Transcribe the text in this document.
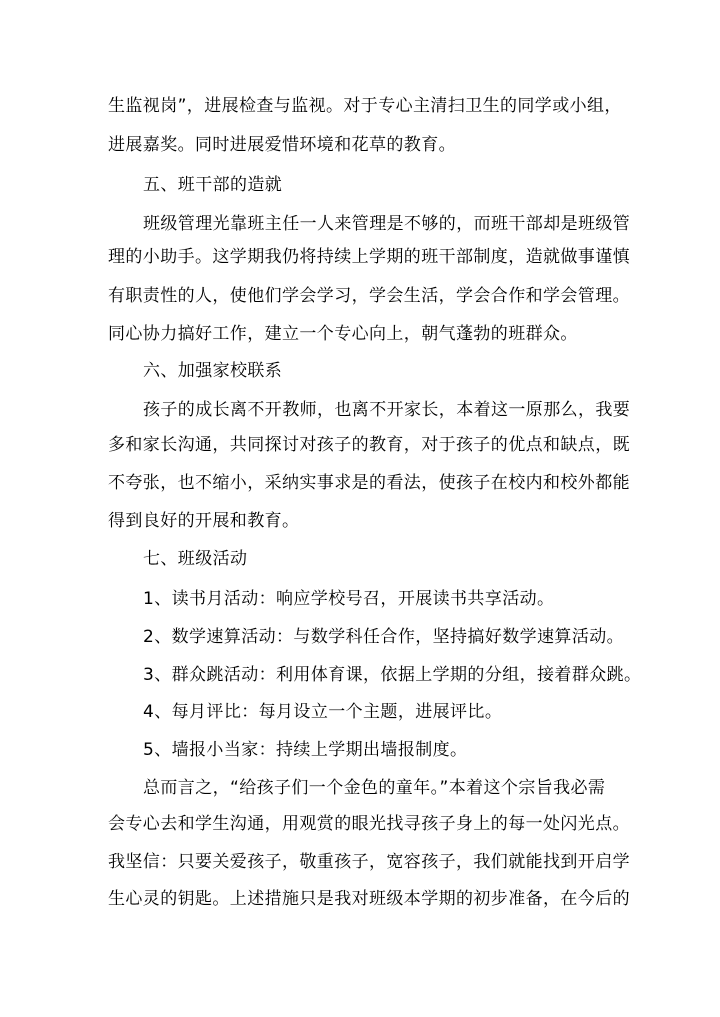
生监视岗”，进展检查与监视。对于专心主清扫卫生的同学或小组，
进展嘉奖。同时进展爱惜环境和花草的教育。
五、班干部的造就
班级管理光靠班主任一人来管理是不够的，而班干部却是班级管
理的小助手。这学期我仍将持续上学期的班干部制度，造就做事谨慎
有职责性的人，使他们学会学习，学会生活，学会合作和学会管理。
同心协力搞好工作，建立一个专心向上，朝气蓬勃的班群众。
六、加强家校联系
孩子的成长离不开教师，也离不开家长，本着这一原那么，我要
多和家长沟通，共同探讨对孩子的教育，对于孩子的优点和缺点，既
不夸张，也不缩小，采纳实事求是的看法，使孩子在校内和校外都能
得到良好的开展和教育。
七、班级活动
1、读书月活动：响应学校号召，开展读书共享活动。
2、数学速算活动：与数学科任合作，坚持搞好数学速算活动。
3、群众跳活动：利用体育课，依据上学期的分组，接着群众跳。
4、每月评比：每月设立一个主题，进展评比。
5、墙报小当家：持续上学期出墙报制度。
总而言之，“给孩子们一个金色的童年。”本着这个宗旨我必需
会专心去和学生沟通，用观赏的眼光找寻孩子身上的每一处闪光点。
我坚信：只要关爱孩子，敬重孩子，宽容孩子，我们就能找到开启学
生心灵的钥匙。上述措施只是我对班级本学期的初步准备，在今后的
